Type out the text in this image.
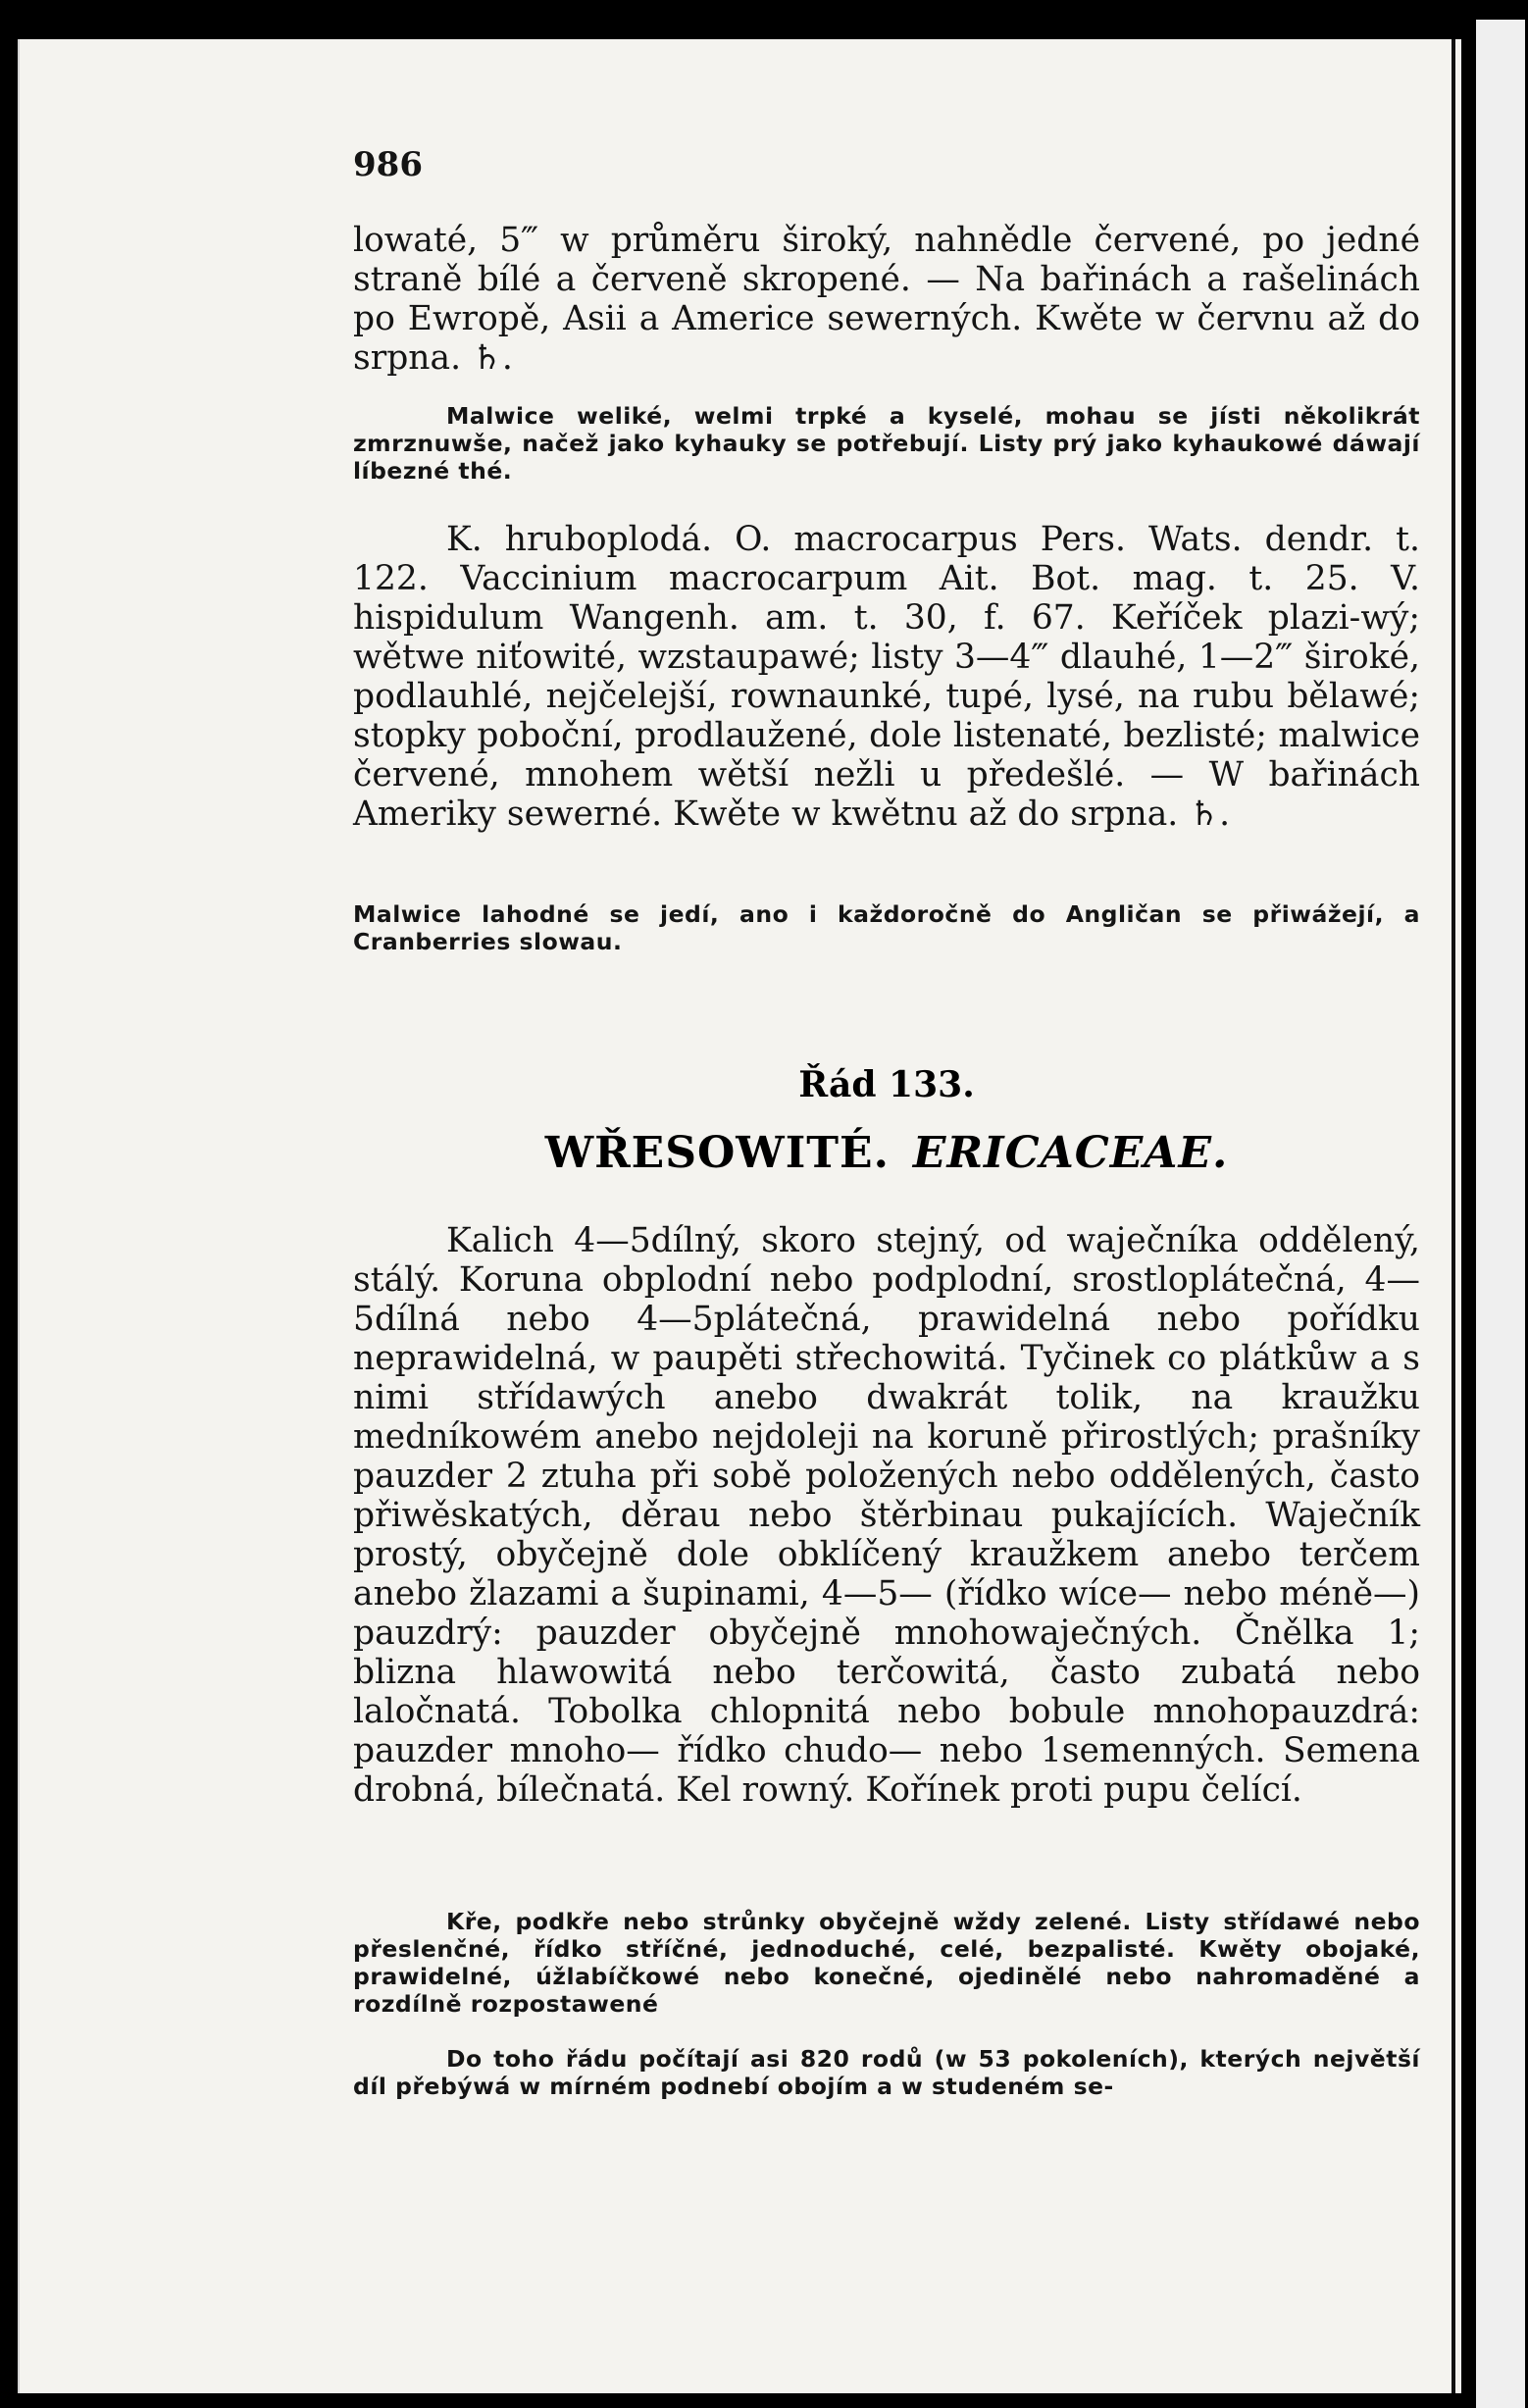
986

lowaté, 5‴ w průměru široký, nahnědle červené, po jedné straně bílé a červeně skropené. — Na bařinách a rašelinách po Ewropě, Asii a Americe sewerných. Kwěte w červnu až do srpna. ♄.

Malwice weliké, welmi trpké a kyselé, mohau se jísti několikrát zmrznuwše, načež jako kyhauky se potřebují. Listy prý jako kyhaukowé dáwají líbezné thé.

K. hruboplodá. O. macrocarpus Pers. Wats. dendr. t. 122. Vaccinium macrocarpum Ait. Bot. mag. t. 25. V. hispidulum Wangenh. am. t. 30, f. 67. Keříček plazi-wý; wětwe niťowité, wzstaupawé; listy 3—4‴ dlauhé, 1—2‴ široké, podlauhlé, nejčelejší, rownaunké, tupé, lysé, na rubu bělawé; stopky poboční, prodlaužené, dole listenaté, bezlisté; malwice červené, mnohem wětší nežli u předešlé. — W bařinách Ameriky sewerné. Kwěte w kwětnu až do srpna. ♄.

Malwice lahodné se jedí, ano i každoročně do Angličan se přiwážejí, a Cranberries slowau.

Řád 133.
WŘESOWITÉ. ERICACEAE.

Kalich 4—5dílný, skoro stejný, od waječníka oddělený, stálý. Koruna obplodní nebo podplodní, srostloplátečná, 4—5dílná nebo 4—5plátečná, prawidelná nebo pořídku neprawidelná, w paupěti střechowitá. Tyčinek co plátkůw a s nimi střídawých anebo dwakrát tolik, na kraužku medníkowém anebo nejdoleji na koruně přirostlých; prašníky pauzder 2 ztuha při sobě položených nebo oddělených, často přiwěskatých, děrau nebo štěrbinau pukajících. Waječník prostý, obyčejně dole obklíčený kraužkem anebo terčem anebo žlazami a šupinami, 4—5— (řídko wíce— nebo méně—) pauzdrý: pauzder obyčejně mnohowaječných. Čnělka 1; blizna hlawowitá nebo terčowitá, často zubatá nebo laločnatá. Tobolka chlopnitá nebo bobule mnohopauzdrá: pauzder mnoho— řídko chudo— nebo 1semenných. Semena drobná, bílečnatá. Kel rowný. Kořínek proti pupu čelící.

Kře, podkře nebo strůnky obyčejně wždy zelené. Listy střídawé nebo přeslenčné, řídko stříčné, jednoduché, celé, bezpalisté. Kwěty obojaké, prawidelné, úžlabíčkowé nebo konečné, ojedinělé nebo nahromaděné a rozdílně rozpostawené

Do toho řádu počítají asi 820 rodů (w 53 pokoleních), kterých největší díl přebýwá w mírném podnebí obojím a w studeném se-
